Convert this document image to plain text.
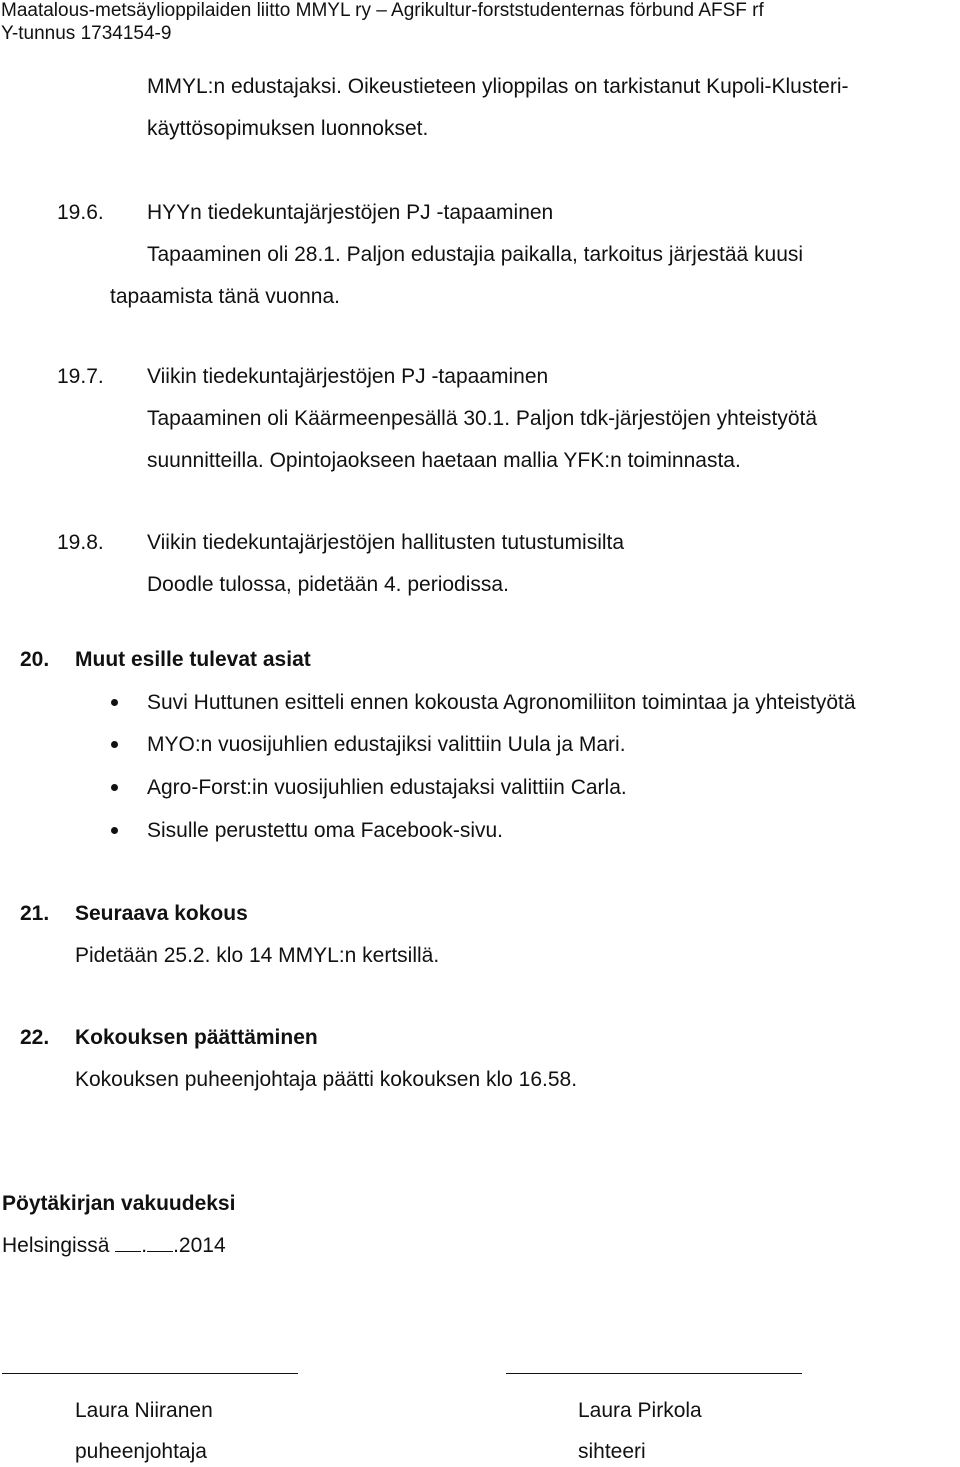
Maatalous-metsäylioppilaiden liitto MMYL ry – Agrikultur-forststudenternas förbund AFSF rf
Y-tunnus 1734154-9
MMYL:n edustajaksi. Oikeustieteen ylioppilas on tarkistanut Kupoli-Klusteri-
käyttösopimuksen luonnokset.
19.6. HYYn tiedekuntajärjestöjen PJ -tapaaminen
Tapaaminen oli 28.1. Paljon edustajia paikalla, tarkoitus järjestää kuusi
tapaamista tänä vuonna.
19.7. Viikin tiedekuntajärjestöjen PJ -tapaaminen
Tapaaminen oli Käärmeenpesällä 30.1. Paljon tdk-järjestöjen yhteistyötä
suunnitteilla. Opintojaokseen haetaan mallia YFK:n toiminnasta.
19.8. Viikin tiedekuntajärjestöjen hallitusten tutustumisilta
Doodle tulossa, pidetään 4. periodissa.
20. Muut esille tulevat asiat
Suvi Huttunen esitteli ennen kokousta Agronomiliiton toimintaa ja yhteistyötä
MYO:n vuosijuhlien edustajiksi valittiin Uula ja Mari.
Agro-Forst:in vuosijuhlien edustajaksi valittiin Carla.
Sisulle perustettu oma Facebook-sivu.
21. Seuraava kokous
Pidetään 25.2. klo 14 MMYL:n kertsillä.
22. Kokouksen päättäminen
Kokouksen puheenjohtaja päätti kokouksen klo 16.58.
Pöytäkirjan vakuudeksi
Helsingissä . .2014
Laura Niiranen
puheenjohtaja
Laura Pirkola
sihteeri
